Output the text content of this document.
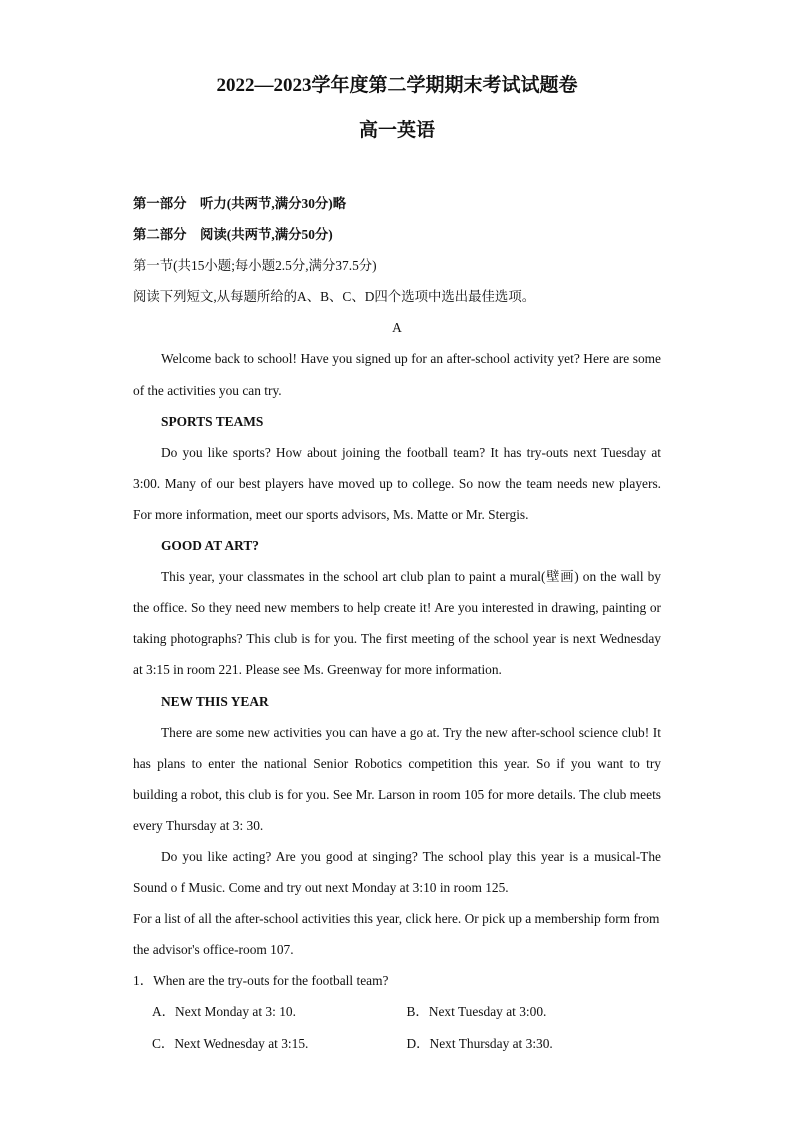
2022—2023学年度第二学期期末考试试题卷
高一英语

第一部分　听力(共两节,满分30分)略

第二部分　阅读(共两节,满分50分)

第一节(共15小题;每小题2.5分,满分37.5分)

阅读下列短文,从每题所给的A、B、C、D四个选项中选出最佳选项。

A

Welcome back to school! Have you signed up for an after-school activity yet? Here are some of the activities you can try.

SPORTS TEAMS

Do you like sports? How about joining the football team? It has try-outs next Tuesday at 3:00. Many of our best players have moved up to college. So now the team needs new players. For more information, meet our sports advisors, Ms. Matte or Mr. Stergis.

GOOD AT ART?

This year, your classmates in the school art club plan to paint a mural(壁画) on the wall by the office. So they need new members to help create it! Are you interested in drawing, painting or taking photographs? This club is for you. The first meeting of the school year is next Wednesday at 3:15 in room 221. Please see Ms. Greenway for more information.

NEW THIS YEAR

There are some new activities you can have a go at. Try the new after-school science club! It has plans to enter the national Senior Robotics competition this year. So if you want to try building a robot, this club is for you. See Mr. Larson in room 105 for more details. The club meets every Thursday at 3: 30.

Do you like acting? Are you good at singing? The school play this year is a musical-The Sound o f Music. Come and try out next Monday at 3:10 in room 125.

For a list of all the after-school activities this year, click here. Or pick up a membership form from the advisor's office-room 107.

1．When are the try-outs for the football team?

A．Next Monday at 3: 10.	B．Next Tuesday at 3:00.
C．Next Wednesday at 3:15.	D．Next Thursday at 3:30.
